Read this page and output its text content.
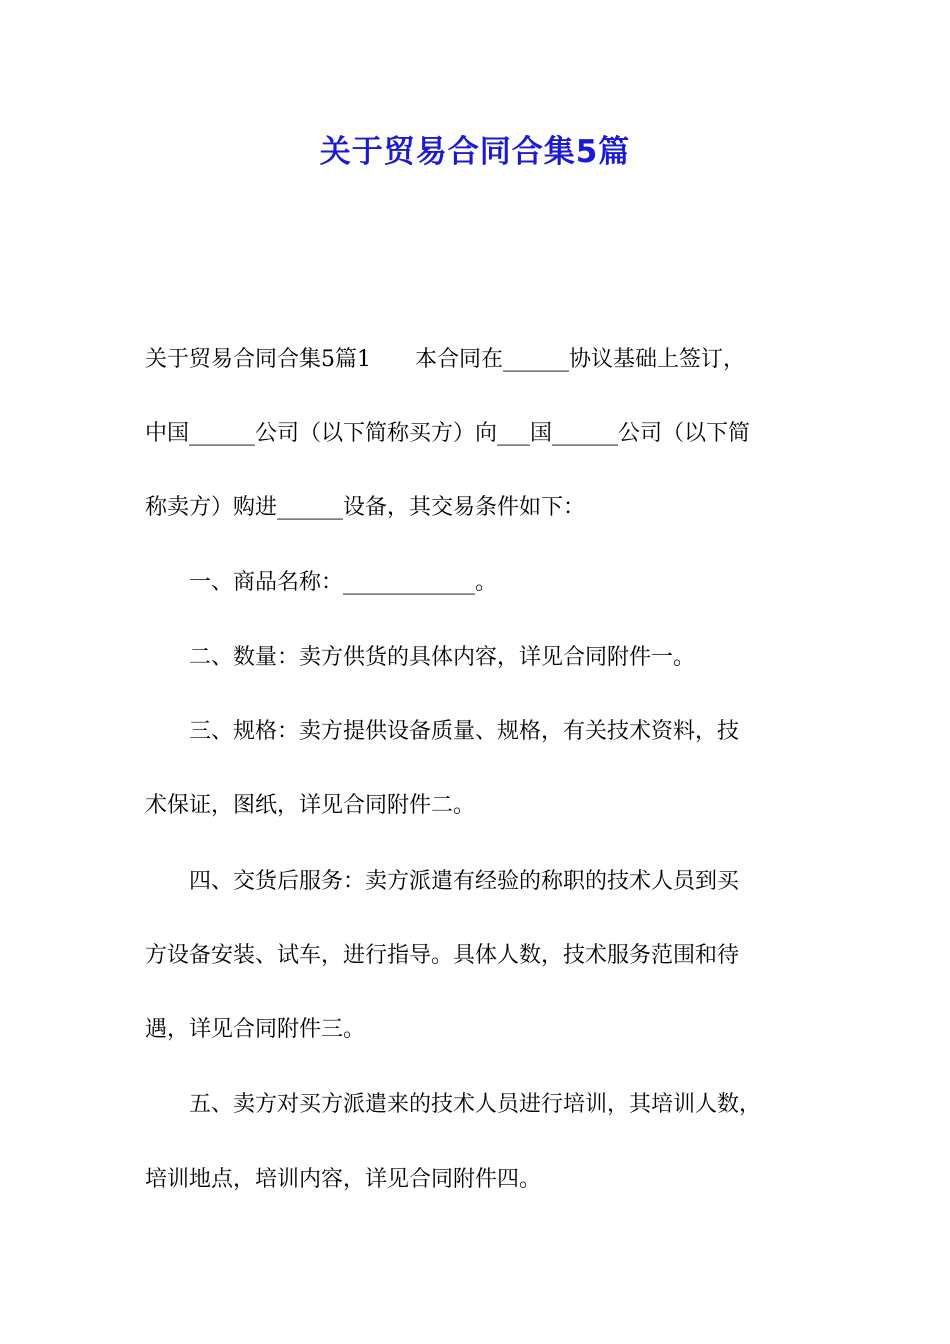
关于贸易合同合集5篇

关于贸易合同合集5篇1　　本合同在______协议基础上签订，

中国______公司（以下简称买方）向___国______公司（以下简

称卖方）购进______设备，其交易条件如下：

　　一、商品名称：____________。

　　二、数量：卖方供货的具体内容，详见合同附件一。

　　三、规格：卖方提供设备质量、规格，有关技术资料，技

术保证，图纸，详见合同附件二。

　　四、交货后服务：卖方派遣有经验的称职的技术人员到买

方设备安装、试车，进行指导。具体人数，技术服务范围和待

遇，详见合同附件三。

　　五、卖方对买方派遣来的技术人员进行培训，其培训人数，

培训地点，培训内容，详见合同附件四。
